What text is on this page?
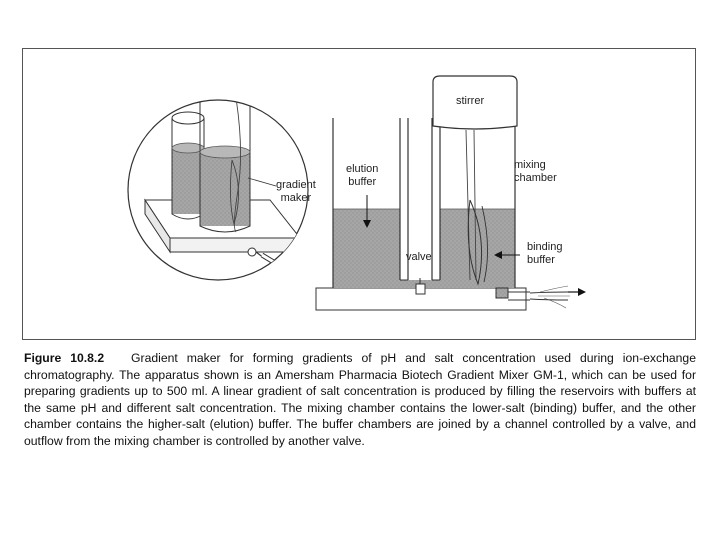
stirrer
mixing
chamber
elution
buffer
gradient
maker
binding
buffer
valve
Figure 10.8.2 Gradient maker for forming gradients of pH and salt concentration used during ion-exchange chromatography. The apparatus shown is an Amersham Pharmacia Biotech Gradient Mixer GM-1, which can be used for preparing gradients up to 500 ml. A linear gradient of salt concentration is produced by filling the reservoirs with buffers at the same pH and different salt concentration. The mixing chamber contains the lower-salt (binding) buffer, and the other chamber contains the higher-salt (elution) buffer. The buffer chambers are joined by a channel controlled by a valve, and outflow from the mixing chamber is controlled by another valve.
